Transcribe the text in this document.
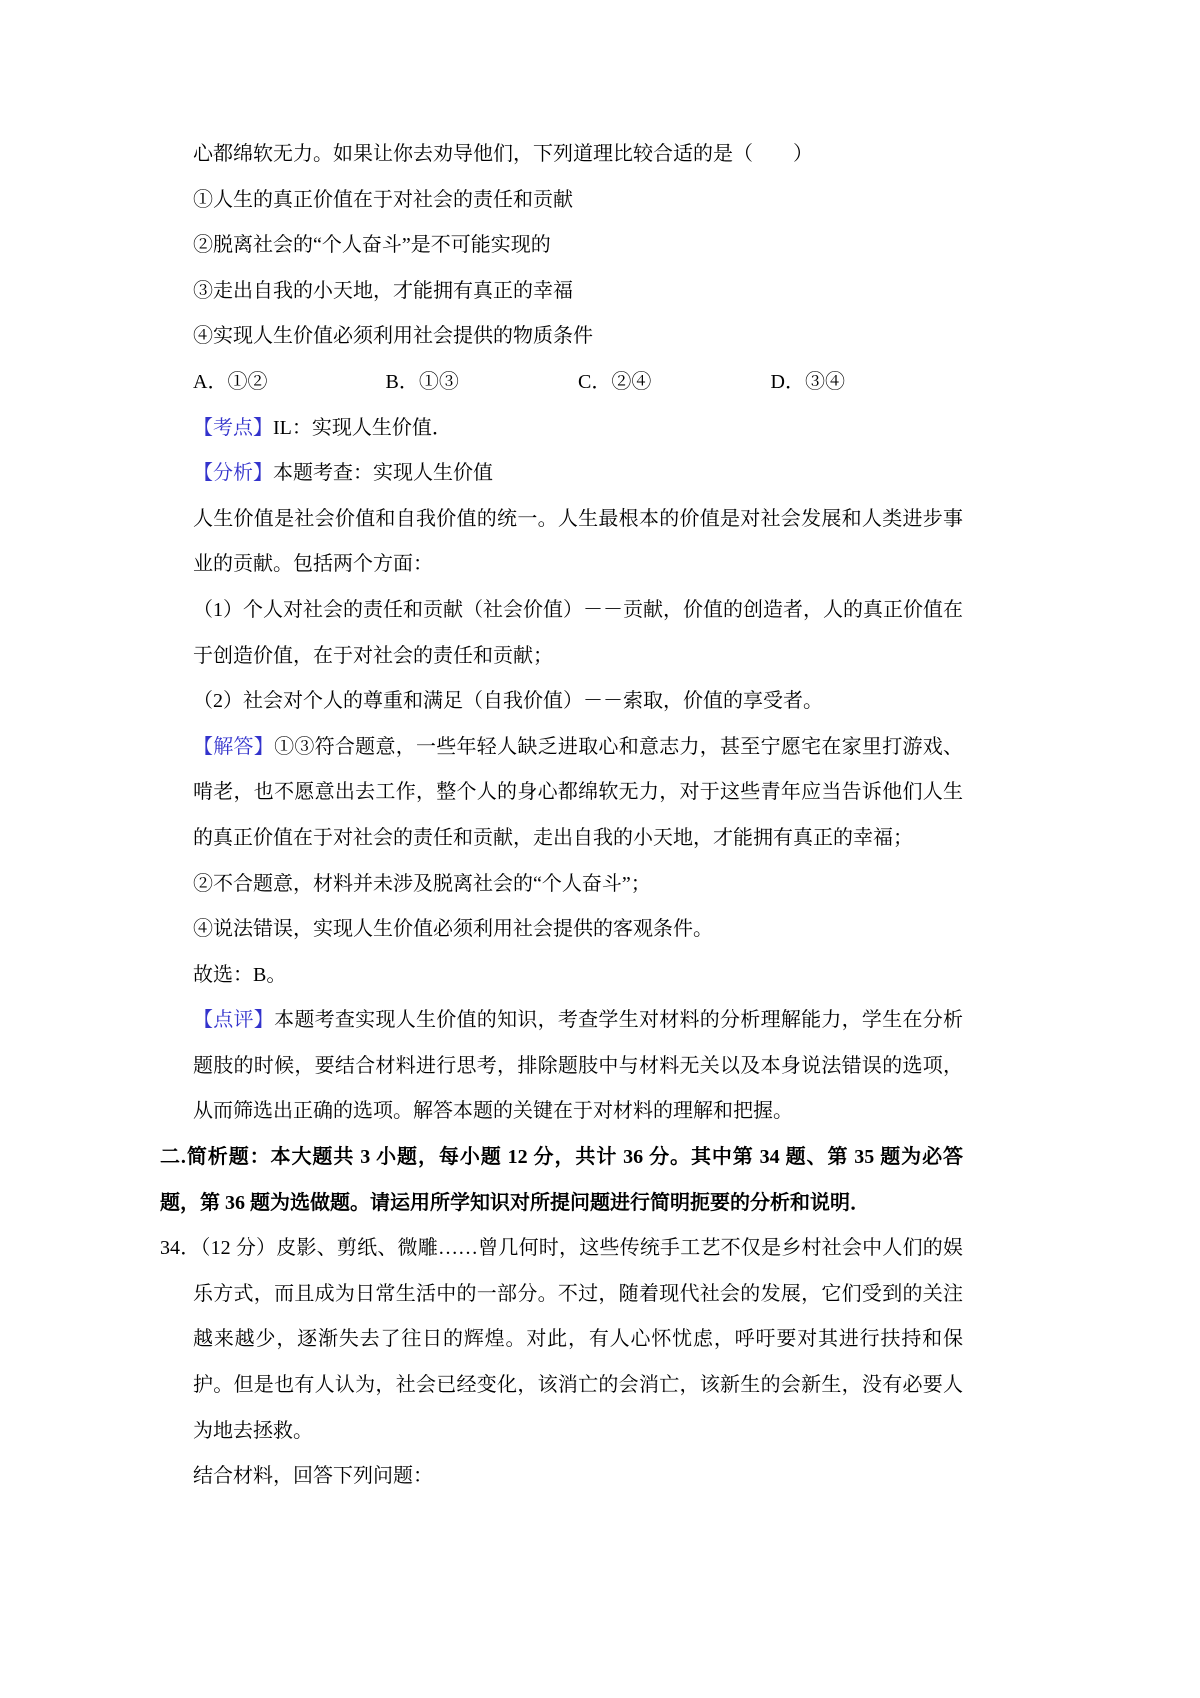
心都绵软无力。如果让你去劝导他们，下列道理比较合适的是（　　）

①人生的真正价值在于对社会的责任和贡献

②脱离社会的“个人奋斗”是不可能实现的

③走出自我的小天地，才能拥有真正的幸福

④实现人生价值必须利用社会提供的物质条件

A．①②	B．①③	C．②④	D．③④

【考点】IL：实现人生价值．

【分析】本题考查：实现人生价值

人生价值是社会价值和自我价值的统一。人生最根本的价值是对社会发展和人类进步事业的贡献。包括两个方面：

（1）个人对社会的责任和贡献（社会价值）－－贡献，价值的创造者，人的真正价值在于创造价值，在于对社会的责任和贡献；

（2）社会对个人的尊重和满足（自我价值）－－索取，价值的享受者。

【解答】①③符合题意，一些年轻人缺乏进取心和意志力，甚至宁愿宅在家里打游戏、啃老，也不愿意出去工作，整个人的身心都绵软无力，对于这些青年应当告诉他们人生的真正价值在于对社会的责任和贡献，走出自我的小天地，才能拥有真正的幸福；

②不合题意，材料并未涉及脱离社会的“个人奋斗”；

④说法错误，实现人生价值必须利用社会提供的客观条件。

故选：B。

【点评】本题考查实现人生价值的知识，考查学生对材料的分析理解能力，学生在分析题肢的时候，要结合材料进行思考，排除题肢中与材料无关以及本身说法错误的选项，从而筛选出正确的选项。解答本题的关键在于对材料的理解和把握。

二.简析题：本大题共 3 小题，每小题 12 分，共计 36 分。其中第 34 题、第 35 题为必答题，第 36 题为选做题。请运用所学知识对所提问题进行简明扼要的分析和说明．

34．（12 分）皮影、剪纸、微雕……曾几何时，这些传统手工艺不仅是乡村社会中人们的娱乐方式，而且成为日常生活中的一部分。不过，随着现代社会的发展，它们受到的关注越来越少，逐渐失去了往日的辉煌。对此，有人心怀忧虑，呼吁要对其进行扶持和保护。但是也有人认为，社会已经变化，该消亡的会消亡，该新生的会新生，没有必要人为地去拯救。

结合材料，回答下列问题：
